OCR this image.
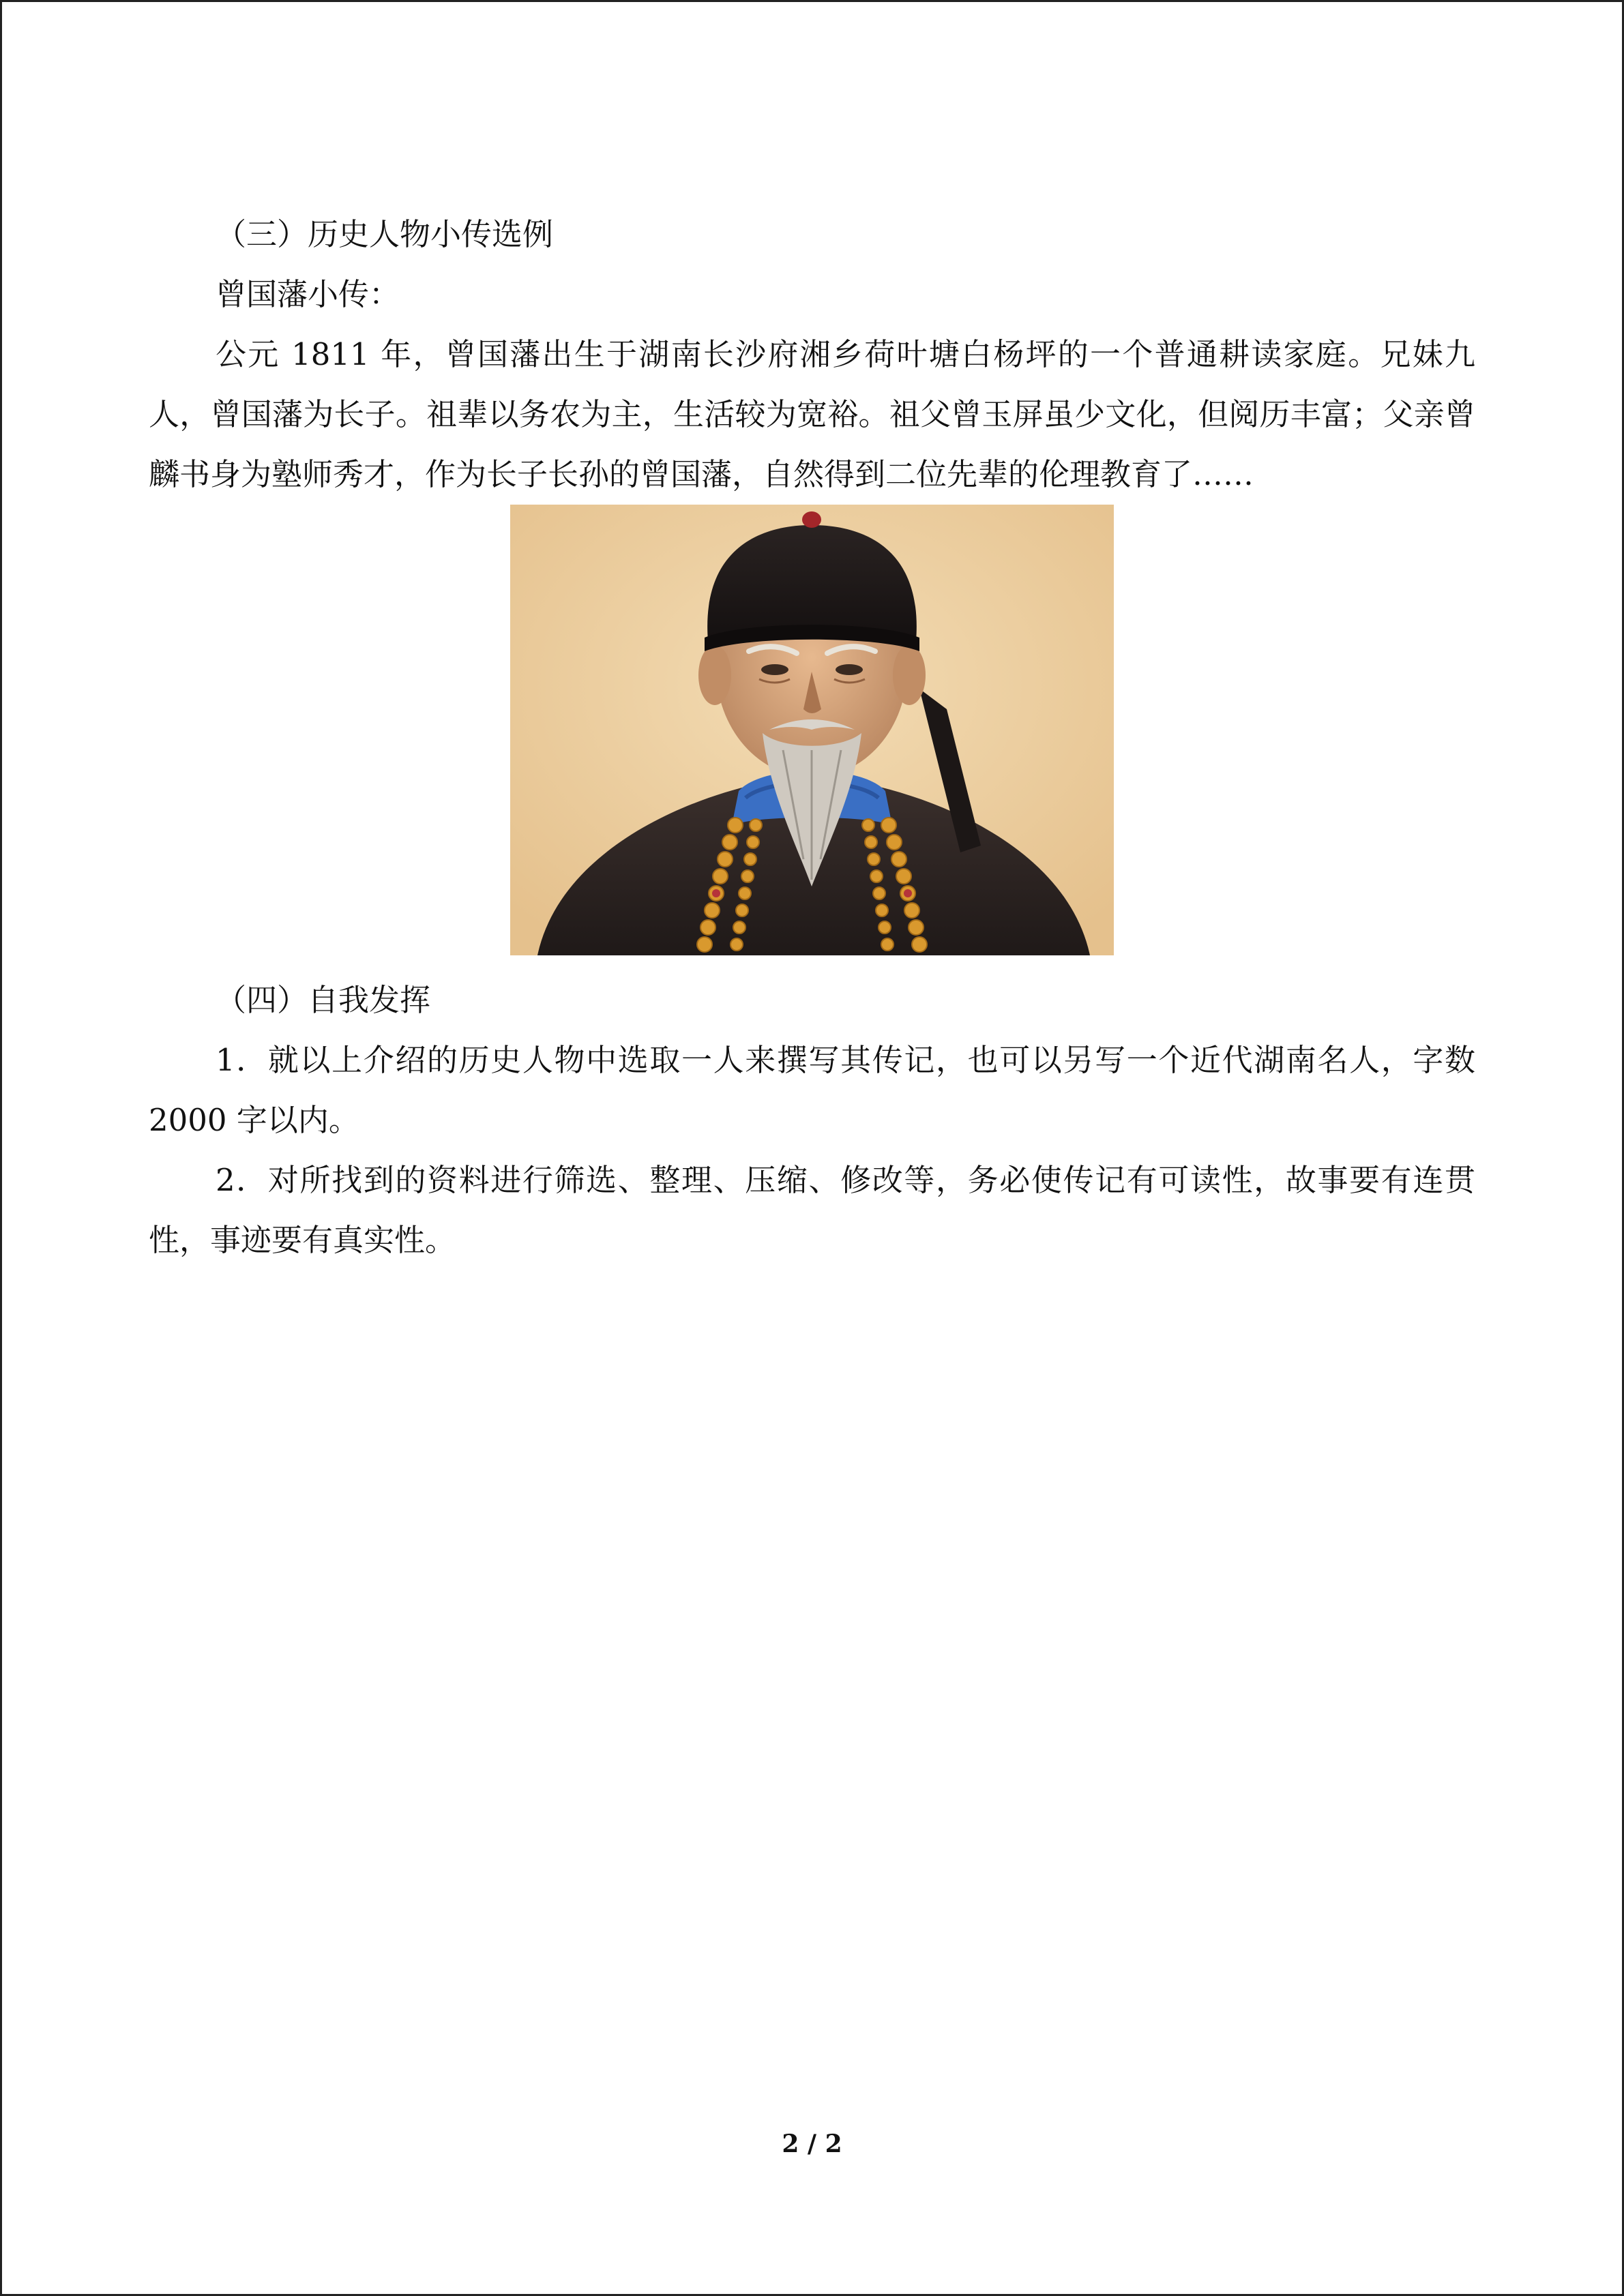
（三）历史人物小传选例

曾国藩小传：

公元 1811 年，曾国藩出生于湖南长沙府湘乡荷叶塘白杨坪的一个普通耕读家庭。兄妹九人，曾国藩为长子。祖辈以务农为主，生活较为宽裕。祖父曾玉屏虽少文化，但阅历丰富；父亲曾麟书身为塾师秀才，作为长子长孙的曾国藩，自然得到二位先辈的伦理教育了……

（四）自我发挥

1．就以上介绍的历史人物中选取一人来撰写其传记，也可以另写一个近代湖南名人，字数 2000 字以内。

2．对所找到的资料进行筛选、整理、压缩、修改等，务必使传记有可读性，故事要有连贯性，事迹要有真实性。

2 / 2
